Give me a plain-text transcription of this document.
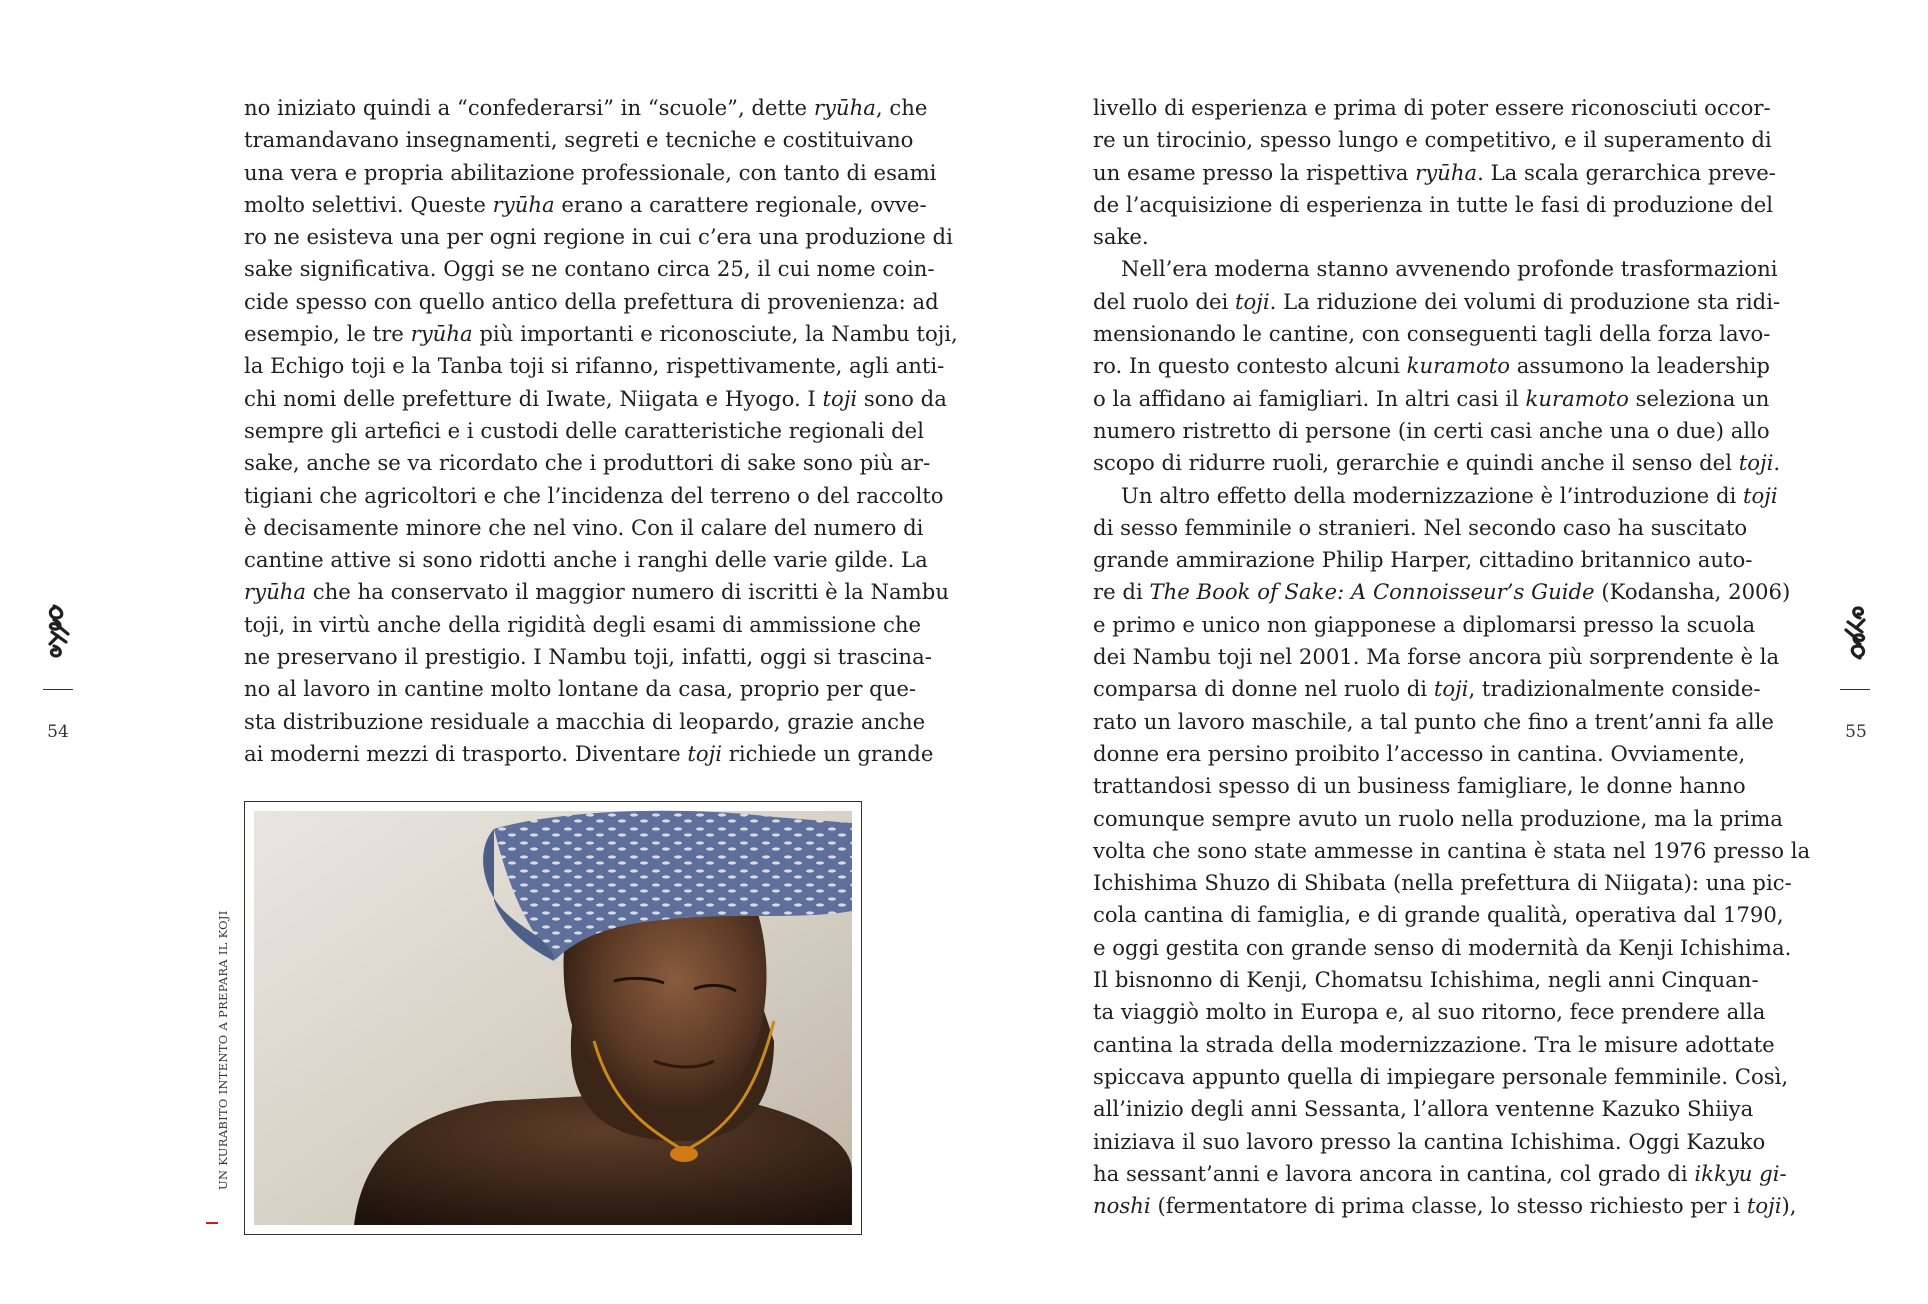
54
no iniziato quindi a “confederarsi” in “scuole”, dette ryūha, che
tramandavano insegnamenti, segreti e tecniche e costituivano
una vera e propria abilitazione professionale, con tanto di esami
molto selettivi. Queste ryūha erano a carattere regionale, ovve-
ro ne esisteva una per ogni regione in cui c’era una produzione di
sake significativa. Oggi se ne contano circa 25, il cui nome coin-
cide spesso con quello antico della prefettura di provenienza: ad
esempio, le tre ryūha più importanti e riconosciute, la Nambu toji,
la Echigo toji e la Tanba toji si rifanno, rispettivamente, agli anti-
chi nomi delle prefetture di Iwate, Niigata e Hyogo. I toji sono da
sempre gli artefici e i custodi delle caratteristiche regionali del
sake, anche se va ricordato che i produttori di sake sono più ar-
tigiani che agricoltori e che l’incidenza del terreno o del raccolto
è decisamente minore che nel vino. Con il calare del numero di
cantine attive si sono ridotti anche i ranghi delle varie gilde. La
ryūha che ha conservato il maggior numero di iscritti è la Nambu
toji, in virtù anche della rigidità degli esami di ammissione che
ne preservano il prestigio. I Nambu toji, infatti, oggi si trascina-
no al lavoro in cantine molto lontane da casa, proprio per que-
sta distribuzione residuale a macchia di leopardo, grazie anche
ai moderni mezzi di trasporto. Diventare toji richiede un grande
UN KURABITO INTENTO A PREPARA IL KOJI
livello di esperienza e prima di poter essere riconosciuti occor-
re un tirocinio, spesso lungo e competitivo, e il superamento di
un esame presso la rispettiva ryūha. La scala gerarchica preve-
de l’acquisizione di esperienza in tutte le fasi di produzione del
sake.
Nell’era moderna stanno avvenendo profonde trasformazioni
del ruolo dei toji. La riduzione dei volumi di produzione sta ridi-
mensionando le cantine, con conseguenti tagli della forza lavo-
ro. In questo contesto alcuni kuramoto assumono la leadership
o la affidano ai famigliari. In altri casi il kuramoto seleziona un
numero ristretto di persone (in certi casi anche una o due) allo
scopo di ridurre ruoli, gerarchie e quindi anche il senso del toji.
Un altro effetto della modernizzazione è l’introduzione di toji
di sesso femminile o stranieri. Nel secondo caso ha suscitato
grande ammirazione Philip Harper, cittadino britannico auto-
re di The Book of Sake: A Connoisseur’s Guide (Kodansha, 2006)
e primo e unico non giapponese a diplomarsi presso la scuola
dei Nambu toji nel 2001. Ma forse ancora più sorprendente è la
comparsa di donne nel ruolo di toji, tradizionalmente conside-
rato un lavoro maschile, a tal punto che fino a trent’anni fa alle
donne era persino proibito l’accesso in cantina. Ovviamente,
trattandosi spesso di un business famigliare, le donne hanno
comunque sempre avuto un ruolo nella produzione, ma la prima
volta che sono state ammesse in cantina è stata nel 1976 presso la
Ichishima Shuzo di Shibata (nella prefettura di Niigata): una pic-
cola cantina di famiglia, e di grande qualità, operativa dal 1790,
e oggi gestita con grande senso di modernità da Kenji Ichishima.
Il bisnonno di Kenji, Chomatsu Ichishima, negli anni Cinquan-
ta viaggiò molto in Europa e, al suo ritorno, fece prendere alla
cantina la strada della modernizzazione. Tra le misure adottate
spiccava appunto quella di impiegare personale femminile. Così,
all’inizio degli anni Sessanta, l’allora ventenne Kazuko Shiiya
iniziava il suo lavoro presso la cantina Ichishima. Oggi Kazuko
ha sessant’anni e lavora ancora in cantina, col grado di ikkyu gi-
noshi (fermentatore di prima classe, lo stesso richiesto per i toji),
55
